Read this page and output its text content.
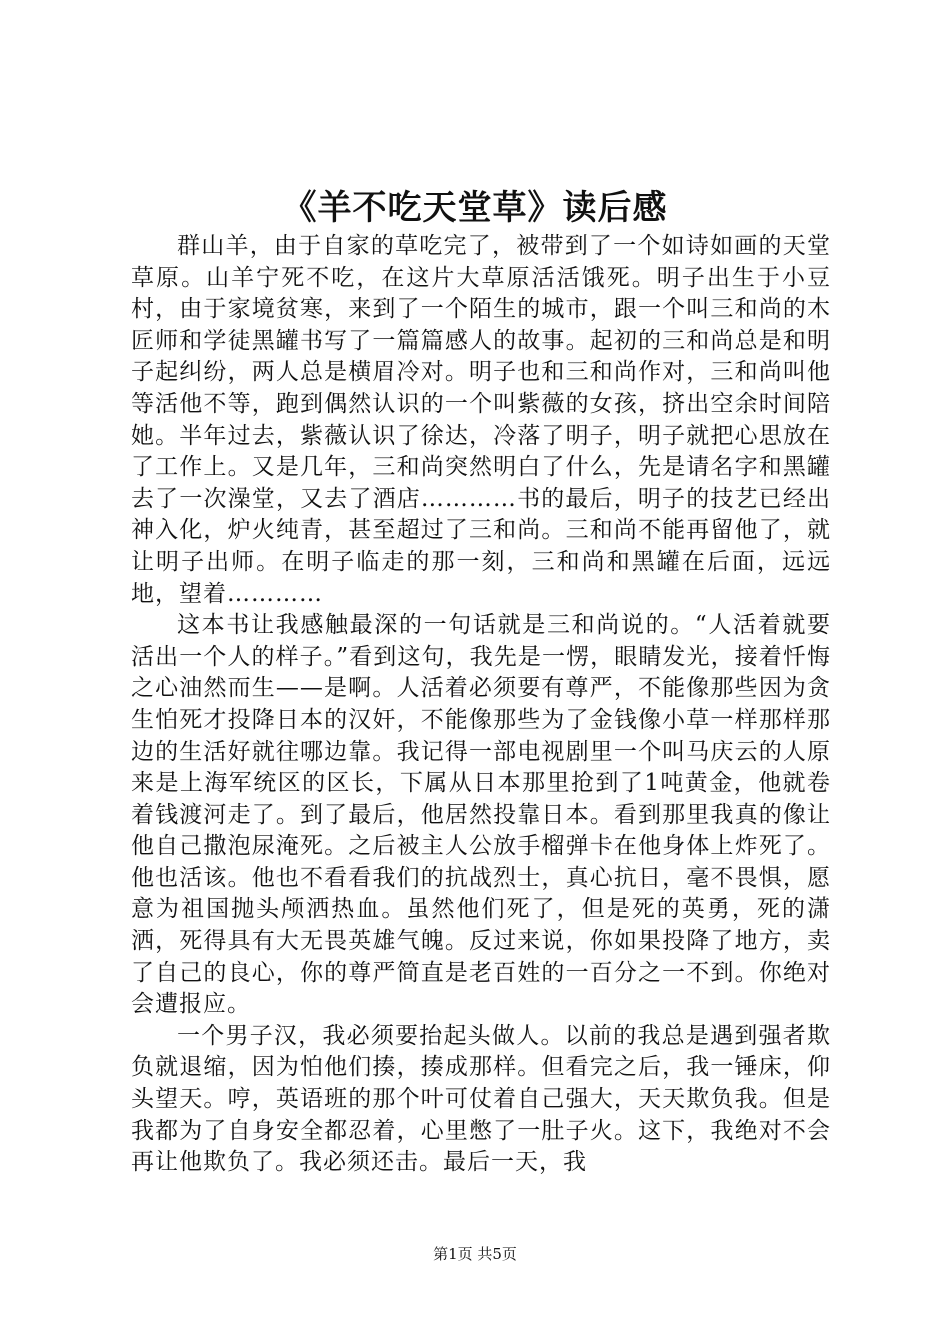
《羊不吃天堂草》读后感

群山羊，由于自家的草吃完了，被带到了一个如诗如画的天堂草原。山羊宁死不吃，在这片大草原活活饿死。明子出生于小豆村，由于家境贫寒，来到了一个陌生的城市，跟一个叫三和尚的木匠师和学徒黑罐书写了一篇篇感人的故事。起初的三和尚总是和明子起纠纷，两人总是横眉冷对。明子也和三和尚作对，三和尚叫他等活他不等，跑到偶然认识的一个叫紫薇的女孩，挤出空余时间陪她。半年过去，紫薇认识了徐达，冷落了明子，明子就把心思放在了工作上。又是几年，三和尚突然明白了什么，先是请名字和黑罐去了一次澡堂，又去了酒店…………书的最后，明子的技艺已经出神入化，炉火纯青，甚至超过了三和尚。三和尚不能再留他了，就让明子出师。在明子临走的那一刻，三和尚和黑罐在后面，远远地，望着…………

这本书让我感触最深的一句话就是三和尚说的。“人活着就要活出一个人的样子。”看到这句，我先是一愣，眼睛发光，接着忏悔之心油然而生——是啊。人活着必须要有尊严，不能像那些因为贪生怕死才投降日本的汉奸，不能像那些为了金钱像小草一样那样那边的生活好就往哪边靠。我记得一部电视剧里一个叫马庆云的人原来是上海军统区的区长，下属从日本那里抢到了1吨黄金，他就卷着钱渡河走了。到了最后，他居然投靠日本。看到那里我真的像让他自己撒泡尿淹死。之后被主人公放手榴弹卡在他身体上炸死了。他也活该。他也不看看我们的抗战烈士，真心抗日，毫不畏惧，愿意为祖国抛头颅洒热血。虽然他们死了，但是死的英勇，死的潇洒，死得具有大无畏英雄气魄。反过来说，你如果投降了地方，卖了自己的良心，你的尊严简直是老百姓的一百分之一不到。你绝对会遭报应。

一个男子汉，我必须要抬起头做人。以前的我总是遇到强者欺负就退缩，因为怕他们揍，揍成那样。但看完之后，我一锤床，仰头望天。哼，英语班的那个叶可仗着自己强大，天天欺负我。但是我都为了自身安全都忍着，心里憋了一肚子火。这下，我绝对不会再让他欺负了。我必须还击。最后一天，我

第1页 共5页
